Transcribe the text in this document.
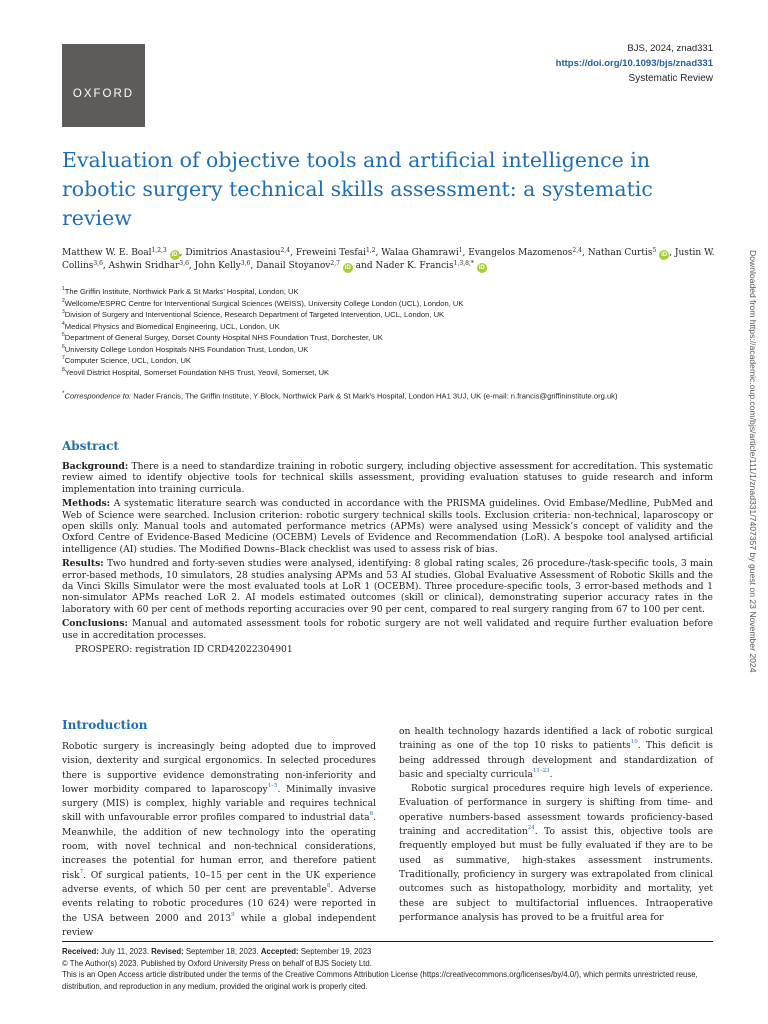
OXFORD
BJS, 2024, znad331
https://doi.org/10.1093/bjs/znad331
Systematic Review
Evaluation of objective tools and artificial intelligence in robotic surgery technical skills assessment: a systematic review
Matthew W. E. Boal$^{1,2,3}$ iD , Dimitrios Anastasiou$^{2,4}$, Freweini Tesfai$^{1,2}$, Walaa Ghamrawi$^1$, Evangelos Mazomenos$^{2,4}$, Nathan Curtis$^5$ iD , Justin W. Collins$^{3,6}$, Ashwin Sridhar$^{3,6}$, John Kelly$^{3,6}$, Danail Stoyanov$^{2,7}$ iD and Nader K. Francis$^{1,3,8,*}$ iD
$^1$The Griffin Institute, Northwick Park & St Marks’ Hospital, London, UK
$^2$Wellcome/ESPRC Centre for Interventional Surgical Sciences (WEISS), University College London (UCL), London, UK
$^3$Division of Surgery and Interventional Science, Research Department of Targeted Intervention, UCL, London, UK
$^4$Medical Physics and Biomedical Engineering, UCL, London, UK
$^5$Department of General Surgey, Dorset County Hospital NHS Foundation Trust, Dorchester, UK
$^6$University College London Hospitals NHS Foundation Trust, London, UK
$^7$Computer Science, UCL, London, UK
$^8$Yeovil District Hospital, Somerset Foundation NHS Trust, Yeovil, Somerset, UK
*Correspondence to: Nader Francis, The Griffin Institute, Y Block, Northwick Park & St Mark’s Hospital, London HA1 3UJ, UK (e-mail: n.francis@griffininstitute.org.uk)
Abstract

Background: There is a need to standardize training in robotic surgery, including objective assessment for accreditation. This systematic review aimed to identify objective tools for technical skills assessment, providing evaluation statuses to guide research and inform implementation into training curricula.

Methods: A systematic literature search was conducted in accordance with the PRISMA guidelines. Ovid Embase/Medline, PubMed and Web of Science were searched. Inclusion criterion: robotic surgery technical skills tools. Exclusion criteria: non-technical, laparoscopy or open skills only. Manual tools and automated performance metrics (APMs) were analysed using Messick’s concept of validity and the Oxford Centre of Evidence-Based Medicine (OCEBM) Levels of Evidence and Recommendation (LoR). A bespoke tool analysed artificial intelligence (AI) studies. The Modified Downs–Black checklist was used to assess risk of bias.

Results: Two hundred and forty-seven studies were analysed, identifying: 8 global rating scales, 26 procedure-/task-specific tools, 3 main error-based methods, 10 simulators, 28 studies analysing APMs and 53 AI studies. Global Evaluative Assessment of Robotic Skills and the da Vinci Skills Simulator were the most evaluated tools at LoR 1 (OCEBM). Three procedure-specific tools, 3 error-based methods and 1 non-simulator APMs reached LoR 2. AI models estimated outcomes (skill or clinical), demonstrating superior accuracy rates in the laboratory with 60 per cent of methods reporting accuracies over 90 per cent, compared to real surgery ranging from 67 to 100 per cent.

Conclusions: Manual and automated assessment tools for robotic surgery are not well validated and require further evaluation before use in accreditation processes.

PROSPERO: registration ID CRD42022304901

Introduction

Robotic surgery is increasingly being adopted due to improved vision, dexterity and surgical ergonomics. In selected procedures there is supportive evidence demonstrating non-inferiority and lower morbidity compared to laparoscopy$^{1-5}$. Minimally invasive surgery (MIS) is complex, highly variable and requires technical skill with unfavourable error profiles compared to industrial data$^6$. Meanwhile, the addition of new technology into the operating room, with novel technical and non-technical considerations, increases the potential for human error, and therefore patient risk$^7$. Of surgical patients, 10–15 per cent in the UK experience adverse events, of which 50 per cent are preventable$^8$. Adverse events relating to robotic procedures (10 624) were reported in the USA between 2000 and 2013$^9$ while a global independent review

on health technology hazards identified a lack of robotic surgical training as one of the top 10 risks to patients$^{10}$. This deficit is being addressed through development and standardization of basic and specialty curricula$^{11-23}$.

Robotic surgical procedures require high levels of experience. Evaluation of performance in surgery is shifting from time- and operative numbers-based assessment towards proficiency-based training and accreditation$^{24}$. To assist this, objective tools are frequently employed but must be fully evaluated if they are to be used as summative, high-stakes assessment instruments. Traditionally, proficiency in surgery was extrapolated from clinical outcomes such as histopathology, morbidity and mortality, yet these are subject to multifactorial influences. Intraoperative performance analysis has proved to be a fruitful area for

Received: July 11, 2023. Revised: September 18, 2023. Accepted: September 19, 2023
© The Author(s) 2023. Published by Oxford University Press on behalf of BJS Society Ltd.
This is an Open Access article distributed under the terms of the Creative Commons Attribution License (https://creativecommons.org/licenses/by/4.0/), which permits unrestricted reuse, distribution, and reproduction in any medium, provided the original work is properly cited.
Downloaded from https://academic.oup.com/bjs/article/111/1/znad331/7407357 by guest on 23 November 2024
